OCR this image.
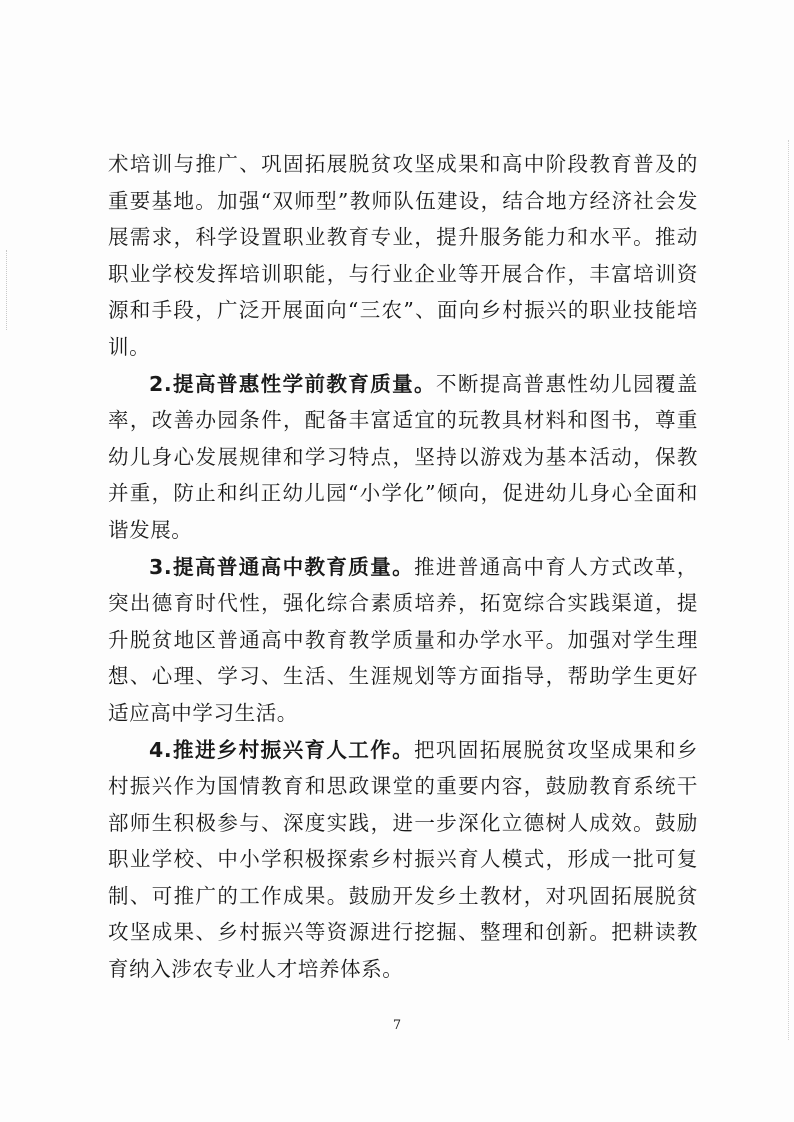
术培训与推广、巩固拓展脱贫攻坚成果和高中阶段教育普及的重要基地。加强“双师型”教师队伍建设，结合地方经济社会发展需求，科学设置职业教育专业，提升服务能力和水平。推动职业学校发挥培训职能，与行业企业等开展合作，丰富培训资源和手段，广泛开展面向“三农”、面向乡村振兴的职业技能培训。

2.提高普惠性学前教育质量。不断提高普惠性幼儿园覆盖率，改善办园条件，配备丰富适宜的玩教具材料和图书，尊重幼儿身心发展规律和学习特点，坚持以游戏为基本活动，保教并重，防止和纠正幼儿园“小学化”倾向，促进幼儿身心全面和谐发展。

3.提高普通高中教育质量。推进普通高中育人方式改革，突出德育时代性，强化综合素质培养，拓宽综合实践渠道，提升脱贫地区普通高中教育教学质量和办学水平。加强对学生理想、心理、学习、生活、生涯规划等方面指导，帮助学生更好适应高中学习生活。

4.推进乡村振兴育人工作。把巩固拓展脱贫攻坚成果和乡村振兴作为国情教育和思政课堂的重要内容，鼓励教育系统干部师生积极参与、深度实践，进一步深化立德树人成效。鼓励职业学校、中小学积极探索乡村振兴育人模式，形成一批可复制、可推广的工作成果。鼓励开发乡土教材，对巩固拓展脱贫攻坚成果、乡村振兴等资源进行挖掘、整理和创新。把耕读教育纳入涉农专业人才培养体系。

7
